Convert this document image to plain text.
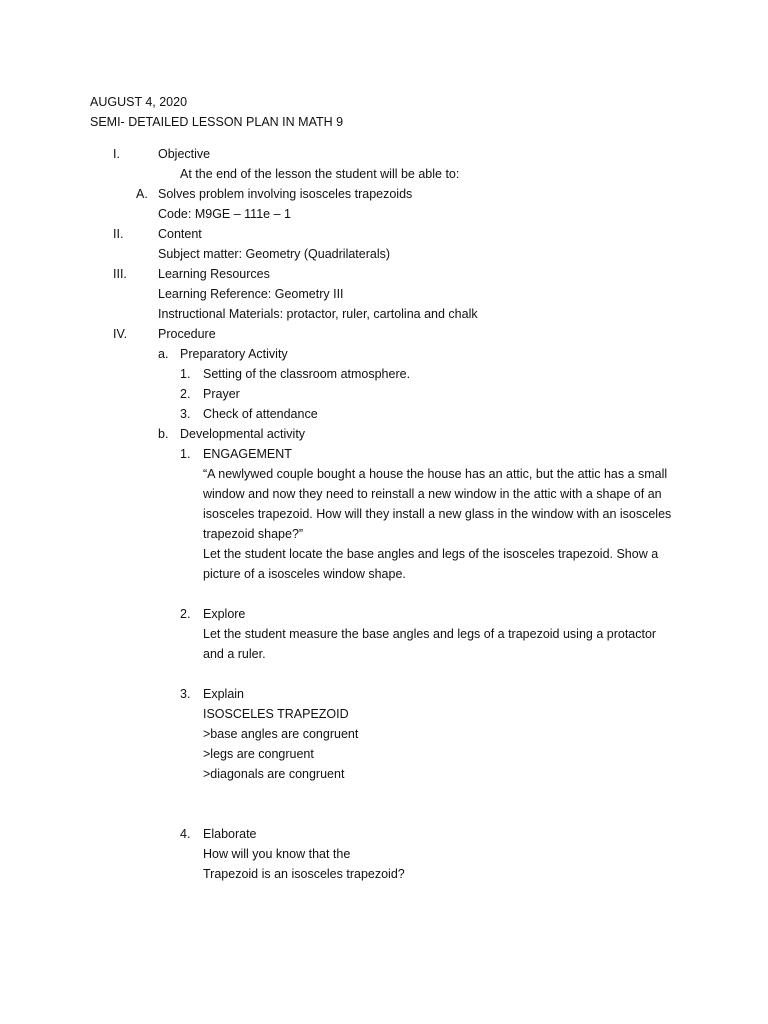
AUGUST 4, 2020
SEMI- DETAILED LESSON PLAN IN MATH 9
I.	Objective
At the end of the lesson the student will be able to:
A. Solves problem involving isosceles trapezoids
Code: M9GE – 111e – 1
II.	Content
Subject matter: Geometry (Quadrilaterals)
III. Learning Resources
Learning Reference: Geometry III
Instructional Materials: protactor, ruler, cartolina and chalk
IV. Procedure
a. Preparatory Activity
1. Setting of the classroom atmosphere.
2. Prayer
3. Check of attendance
b. Developmental activity
1. ENGAGEMENT
“A newlywed couple bought a house the house has an attic, but the attic has a small window and now they need to reinstall a new window in the attic with a shape of an isosceles trapezoid. How will they install a new glass in the window with an isosceles trapezoid shape?”
Let the student locate the base angles and legs of the isosceles trapezoid. Show a picture of a isosceles window shape.
2. Explore
Let the student measure the base angles and legs of a trapezoid using a protactor and a ruler.
3. Explain
ISOSCELES TRAPEZOID
>base angles are congruent
>legs are congruent
>diagonals are congruent
4. Elaborate
How will you know that the
Trapezoid is an isosceles trapezoid?
